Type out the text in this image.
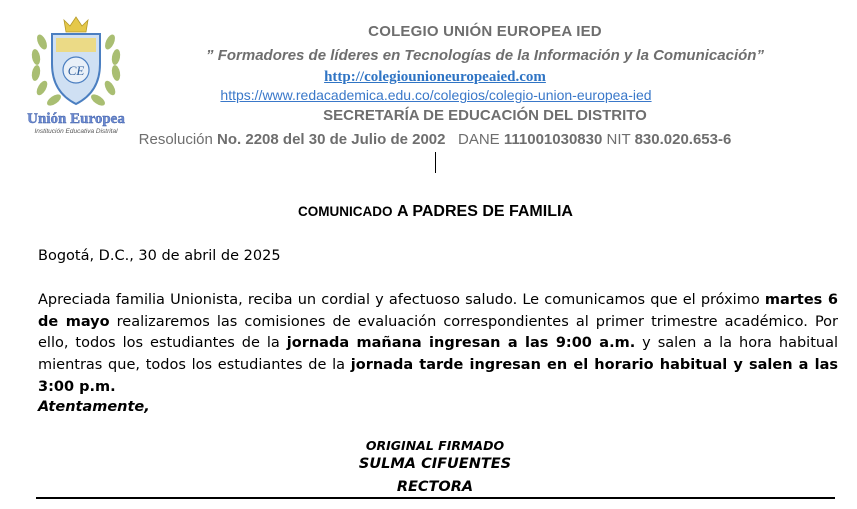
CE
Unión Europea
Institución Educativa Distrital
COLEGIO UNIÓN EUROPEA IED
” Formadores de líderes en Tecnologías de la Información y la Comunicación”
http://colegiounioneuropeaied.com
https://www.redacademica.edu.co/colegios/colegio-union-europea-ied
SECRETARÍA DE EDUCACIÓN DEL DISTRITO
Resolución No. 2208 del 30 de Julio de 2002 DANE 111001030830 NIT 830.020.653-6
COMUNICADO A PADRES DE FAMILIA
Bogotá, D.C., 30 de abril de 2025
Apreciada familia Unionista, reciba un cordial y afectuoso saludo. Le comunicamos que el próximo martes 6 de mayo realizaremos las comisiones de evaluación correspondientes al primer trimestre académico. Por ello, todos los estudiantes de la jornada mañana ingresan a las 9:00 a.m. y salen a la hora habitual mientras que, todos los estudiantes de la jornada tarde ingresan en el horario habitual y salen a las 3:00 p.m.
Atentamente,
ORIGINAL FIRMADO
SULMA CIFUENTES
RECTORA
